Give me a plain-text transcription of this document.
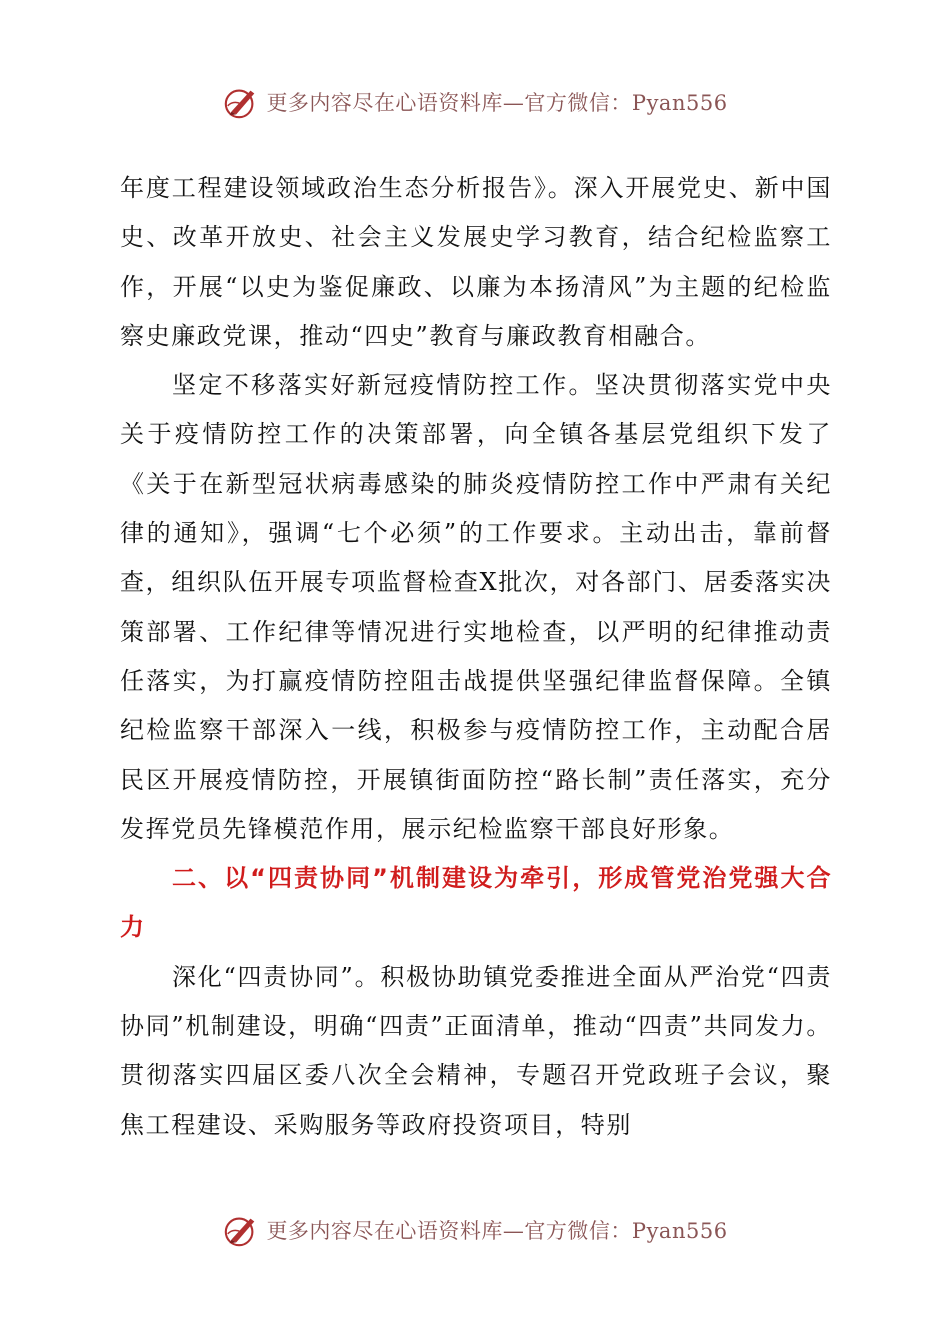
更多内容尽在心语资料库—官方微信：Pyan556

年度工程建设领域政治生态分析报告》。深入开展党史、新中国史、改革开放史、社会主义发展史学习教育，结合纪检监察工作，开展“以史为鉴促廉政、以廉为本扬清风”为主题的纪检监察史廉政党课，推动“四史”教育与廉政教育相融合。

坚定不移落实好新冠疫情防控工作。坚决贯彻落实党中央关于疫情防控工作的决策部署，向全镇各基层党组织下发了《关于在新型冠状病毒感染的肺炎疫情防控工作中严肃有关纪律的通知》，强调“七个必须”的工作要求。主动出击，靠前督查，组织队伍开展专项监督检查X批次，对各部门、居委落实决策部署、工作纪律等情况进行实地检查，以严明的纪律推动责任落实，为打赢疫情防控阻击战提供坚强纪律监督保障。全镇纪检监察干部深入一线，积极参与疫情防控工作，主动配合居民区开展疫情防控，开展镇街面防控“路长制”责任落实，充分发挥党员先锋模范作用，展示纪检监察干部良好形象。

二、以“四责协同”机制建设为牵引，形成管党治党强大合力

深化“四责协同”。积极协助镇党委推进全面从严治党“四责协同”机制建设，明确“四责”正面清单，推动“四责”共同发力。贯彻落实四届区委八次全会精神，专题召开党政班子会议，聚焦工程建设、采购服务等政府投资项目，特别

更多内容尽在心语资料库—官方微信：Pyan556
